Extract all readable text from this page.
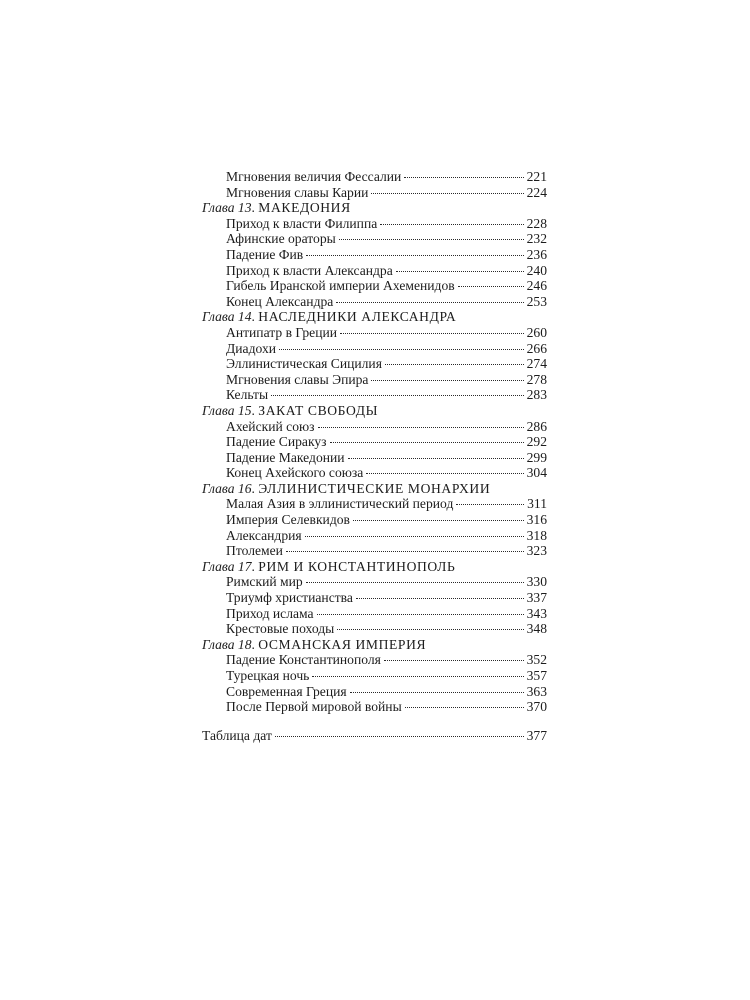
Мгновения величия Фессалии	221
Мгновения славы Карии	224
Глава 13. МАКЕДОНИЯ
Приход к власти Филиппа	228
Афинские ораторы	232
Падение Фив	236
Приход к власти Александра	240
Гибель Иранской империи Ахеменидов	246
Конец Александра	253
Глава 14. НАСЛЕДНИКИ АЛЕКСАНДРА
Антипатр в Греции	260
Диадохи	266
Эллинистическая Сицилия	274
Мгновения славы Эпира	278
Кельты	283
Глава 15. ЗАКАТ СВОБОДЫ
Ахейский союз	286
Падение Сиракуз	292
Падение Македонии	299
Конец Ахейского союза	304
Глава 16. ЭЛЛИНИСТИЧЕСКИЕ МОНАРХИИ
Малая Азия в эллинистический период	311
Империя Селевкидов	316
Александрия	318
Птолемеи	323
Глава 17. РИМ И КОНСТАНТИНОПОЛЬ
Римский мир	330
Триумф христианства	337
Приход ислама	343
Крестовые походы	348
Глава 18. ОСМАНСКАЯ ИМПЕРИЯ
Падение Константинополя	352
Турецкая ночь	357
Современная Греция	363
После Первой мировой войны	370
Таблица дат	377
